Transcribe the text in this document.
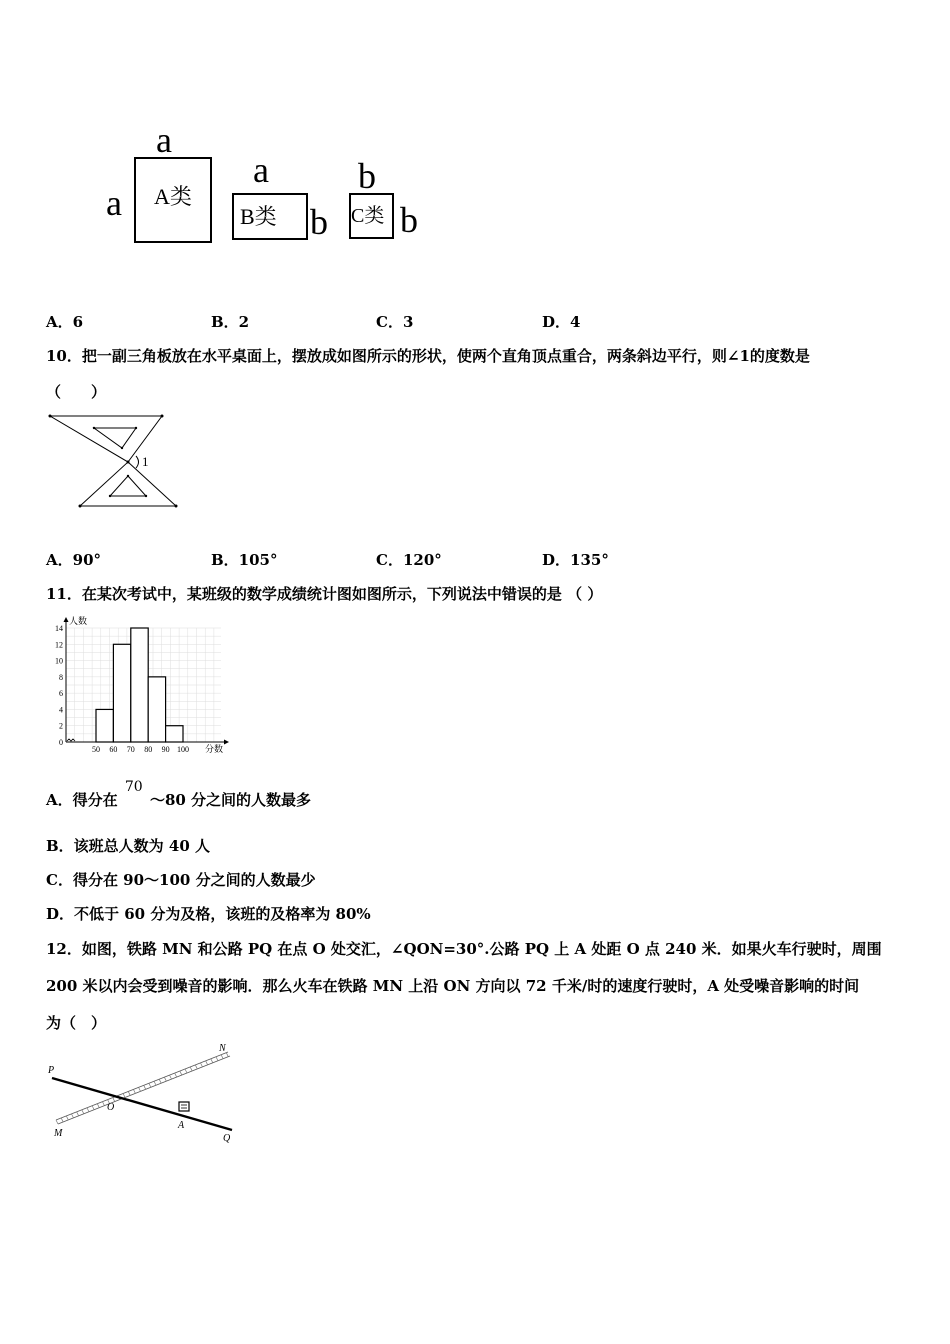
a
a A类
a
B类 b
b
C类 b
A．6	B．2	C．3	D．4
10．把一副三角板放在水平桌面上，摆放成如图所示的形状，使两个直角顶点重合，两条斜边平行，则∠1的度数是
（　　）
1
A．90°	B．105°	C．120°	D．135°
11．在某次考试中，某班级的数学成绩统计图如图所示，下列说法中错误的是 （ ）
0
2
4
6
8
10
12
14
人数
50 60 70 80 90 100 分数
A．得分在 70 ～80 分之间的人数最多
B．该班总人数为 40 人
C．得分在 90～100 分之间的人数最少
D．不低于 60 分为及格，该班的及格率为 80%
12．如图，铁路 MN 和公路 PQ 在点 O 处交汇，∠QON=30°.公路 PQ 上 A 处距 O 点 240 米．如果火车行驶时，周围
200 米以内会受到噪音的影响．那么火车在铁路 MN 上沿 ON 方向以 72 千米/时的速度行驶时，A 处受噪音影响的时间
为（　）
P
N
O
M
A
Q
